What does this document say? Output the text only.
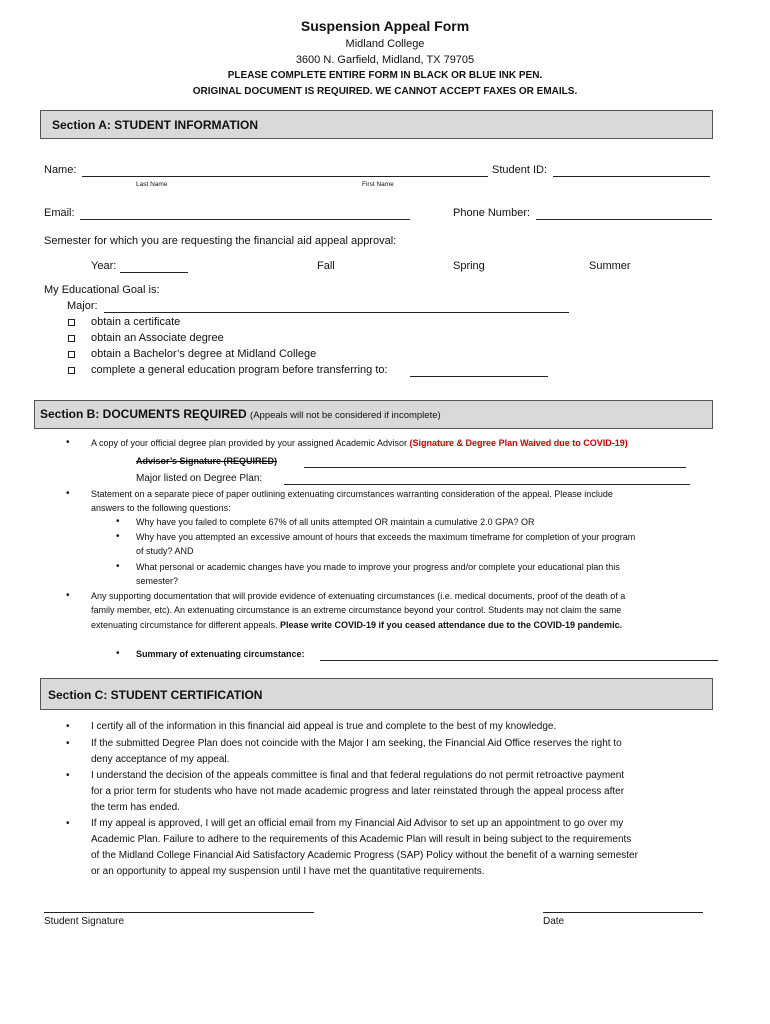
Suspension Appeal Form
Midland College
3600 N. Garfield, Midland, TX 79705
PLEASE COMPLETE ENTIRE FORM IN BLACK OR BLUE INK PEN.
ORIGINAL DOCUMENT IS REQUIRED. WE CANNOT ACCEPT FAXES OR EMAILS.
Section A: STUDENT INFORMATION
Name:
Last Name	First Name
Student ID:
Email:	Phone Number:
Semester for which you are requesting the financial aid appeal approval:
Year:	Fall	Spring	Summer
My Educational Goal is:
Major:
obtain a certificate
obtain an Associate degree
obtain a Bachelor’s degree at Midland College
complete a general education program before transferring to:
Section B: DOCUMENTS REQUIRED (Appeals will not be considered if incomplete)
• A copy of your official degree plan provided by your assigned Academic Advisor (Signature & Degree Plan Waived due to COVID-19)
Advisor’s Signature (REQUIRED)
Major listed on Degree Plan:
• Statement on a separate piece of paper outlining extenuating circumstances warranting consideration of the appeal. Please include
answers to the following questions:
• Why have you failed to complete 67% of all units attempted OR maintain a cumulative 2.0 GPA? OR
• Why have you attempted an excessive amount of hours that exceeds the maximum timeframe for completion of your program
of study? AND
• What personal or academic changes have you made to improve your progress and/or complete your educational plan this
semester?
• Any supporting documentation that will provide evidence of extenuating circumstances (i.e. medical documents, proof of the death of a
family member, etc). An extenuating circumstance is an extreme circumstance beyond your control. Students may not claim the same
extenuating circumstance for different appeals. Please write COVID-19 if you ceased attendance due to the COVID-19 pandemic.
• Summary of extenuating circumstance:
Section C: STUDENT CERTIFICATION
• I certify all of the information in this financial aid appeal is true and complete to the best of my knowledge.
• If the submitted Degree Plan does not coincide with the Major I am seeking, the Financial Aid Office reserves the right to
deny acceptance of my appeal.
• I understand the decision of the appeals committee is final and that federal regulations do not permit retroactive payment
for a prior term for students who have not made academic progress and later reinstated through the appeal process after
the term has ended.
• If my appeal is approved, I will get an official email from my Financial Aid Advisor to set up an appointment to go over my
Academic Plan. Failure to adhere to the requirements of this Academic Plan will result in being subject to the requirements
of the Midland College Financial Aid Satisfactory Academic Progress (SAP) Policy without the benefit of a warning semester
or an opportunity to appeal my suspension until I have met the quantitative requirements.
Student Signature	Date
